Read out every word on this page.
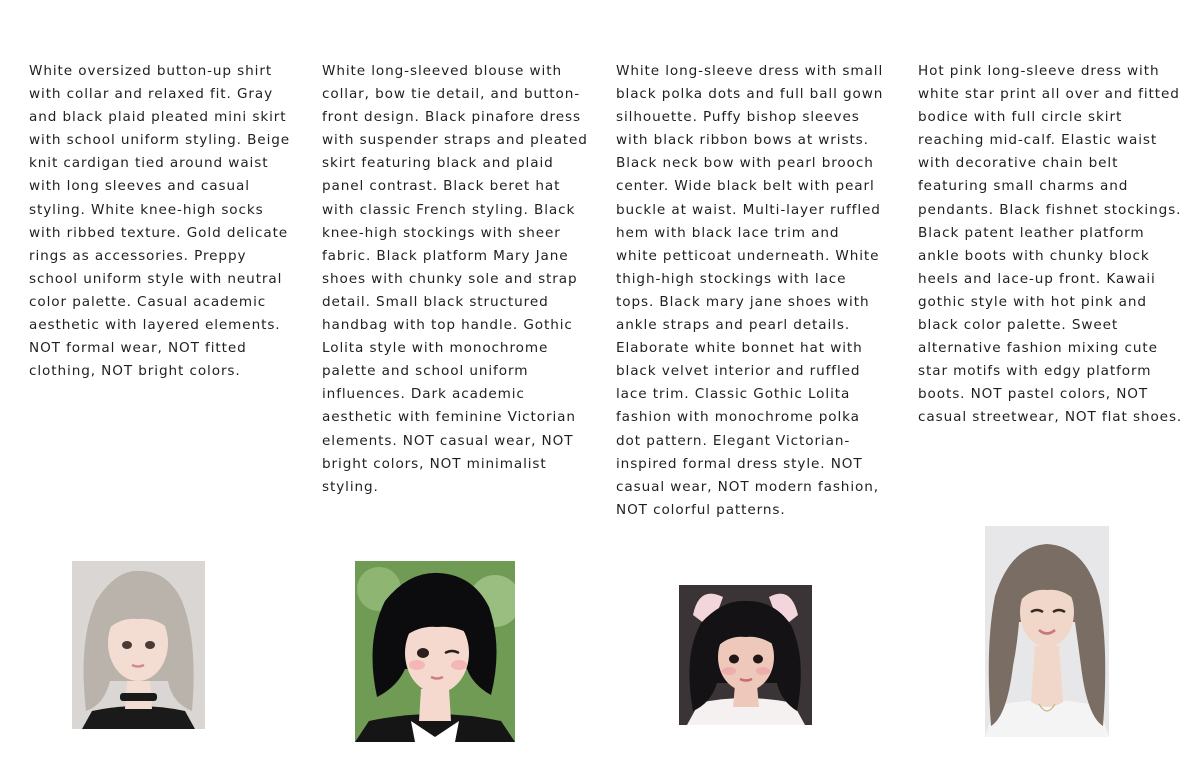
White oversized button-up shirt with collar and relaxed fit. Gray and black plaid pleated mini skirt with school uniform styling. Beige knit cardigan tied around waist with long sleeves and casual styling. White knee-high socks with ribbed texture. Gold delicate rings as accessories. Preppy school uniform style with neutral color palette. Casual academic aesthetic with layered elements. NOT formal wear, NOT fitted clothing, NOT bright colors.

White long-sleeved blouse with collar, bow tie detail, and button-front design. Black pinafore dress with suspender straps and pleated skirt featuring black and plaid panel contrast. Black beret hat with classic French styling. Black knee-high stockings with sheer fabric. Black platform Mary Jane shoes with chunky sole and strap detail. Small black structured handbag with top handle. Gothic Lolita style with monochrome palette and school uniform influences. Dark academic aesthetic with feminine Victorian elements. NOT casual wear, NOT bright colors, NOT minimalist styling.

White long-sleeve dress with small black polka dots and full ball gown silhouette. Puffy bishop sleeves with black ribbon bows at wrists. Black neck bow with pearl brooch center. Wide black belt with pearl buckle at waist. Multi-layer ruffled hem with black lace trim and white petticoat underneath. White thigh-high stockings with lace tops. Black mary jane shoes with ankle straps and pearl details. Elaborate white bonnet hat with black velvet interior and ruffled lace trim. Classic Gothic Lolita fashion with monochrome polka dot pattern. Elegant Victorian-inspired formal dress style. NOT casual wear, NOT modern fashion, NOT colorful patterns.

Hot pink long-sleeve dress with white star print all over and fitted bodice with full circle skirt reaching mid-calf. Elastic waist with decorative chain belt featuring small charms and pendants. Black fishnet stockings. Black patent leather platform ankle boots with chunky block heels and lace-up front. Kawaii gothic style with hot pink and black color palette. Sweet alternative fashion mixing cute star motifs with edgy platform boots. NOT pastel colors, NOT casual streetwear, NOT flat shoes.
